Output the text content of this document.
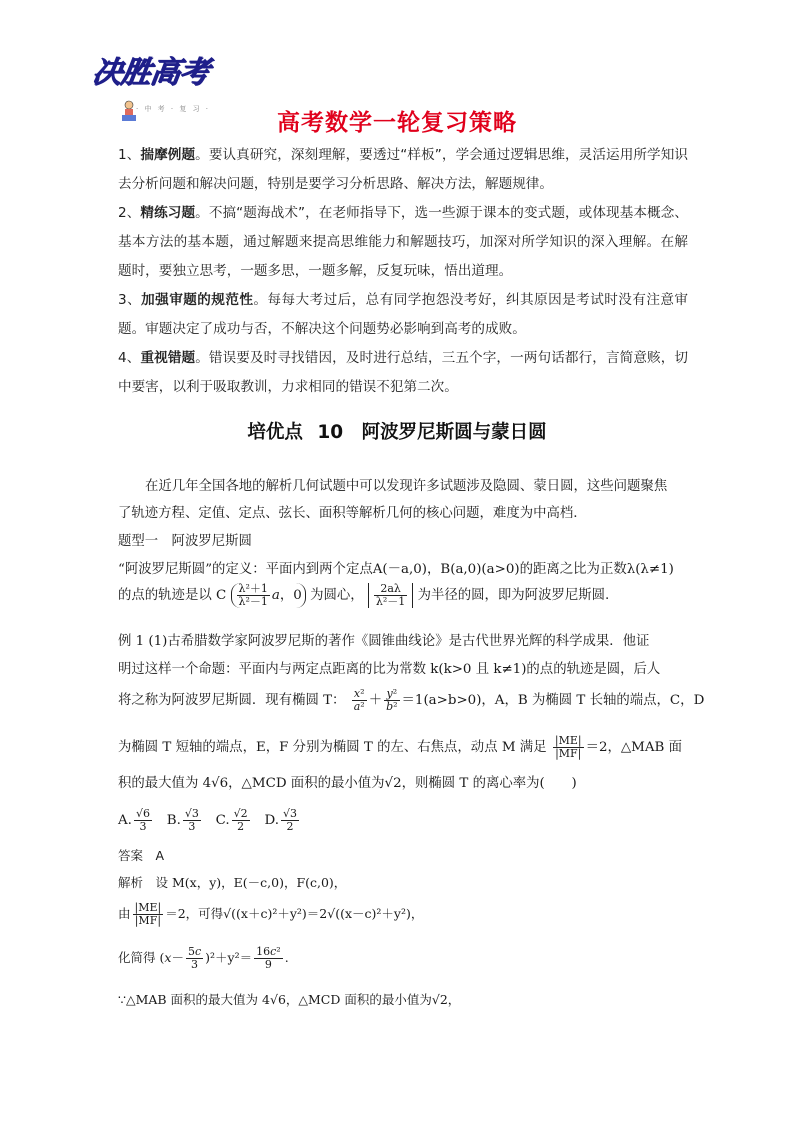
决胜高考
· 中 考 · 复 习 ·
高考数学一轮复习策略
1、揣摩例题。要认真研究，深刻理解，要透过“样板”，学会通过逻辑思维，灵活运用所学知识去分析问题和解决问题，特别是要学习分析思路、解决方法，解题规律。
2、精练习题。不搞“题海战术”，在老师指导下，选一些源于课本的变式题，或体现基本概念、基本方法的基本题，通过解题来提高思维能力和解题技巧，加深对所学知识的深入理解。在解题时，要独立思考，一题多思，一题多解，反复玩味，悟出道理。
3、加强审题的规范性。每每大考过后，总有同学抱怨没考好，纠其原因是考试时没有注意审题。审题决定了成功与否，不解决这个问题势必影响到高考的成败。
4、重视错题。错误要及时寻找错因，及时进行总结，三五个字，一两句话都行，言简意赅，切中要害，以利于吸取教训，力求相同的错误不犯第二次。
培优点 10　阿波罗尼斯圆与蒙日圆
在近几年全国各地的解析几何试题中可以发现许多试题涉及隐圆、蒙日圆，这些问题聚焦了轨迹方程、定值、定点、弦长、面积等解析几何的核心问题，难度为中高档.
题型一　阿波罗尼斯圆
“阿波罗尼斯圆”的定义：平面内到两个定点A(－a,0)，B(a,0)(a>0)的距离之比为正数λ(λ≠1)
的点的轨迹是以 C $\frac{\text{λ²＋1}}{\text{λ²－1}}$ a，0 为圆心， $\frac{2a\lambda}{\text{λ²－1}}$ 为半径的圆，即为阿波罗尼斯圆.
例 1 (1)古希腊数学家阿波罗尼斯的著作《圆锥曲线论》是古代世界光辉的科学成果．他证
明过这样一个命题：平面内与两定点距离的比为常数 k(k>0 且 k≠1)的点的轨迹是圆，后人
将之称为阿波罗尼斯圆．现有椭圆 T： $\frac{\text{x²}}{\text{a²}} + \frac{\text{y²}}{\text{b²}} =1(a>b>0)$，A，B 为椭圆 T 长轴的端点，C，D
为椭圆 T 短轴的端点，E，F 分别为椭圆 T 的左、右焦点，动点 M 满足 $\frac{|ME|}{|MF|} =2$，△MAB 面
积的最大值为 4√6，△MCD 面积的最小值为√2，则椭圆 T 的离心率为(　　)
A. $\frac{√6}{3} B$. $\frac{√3}{3} C$. $\frac{√2}{2} D$. $\frac{√3}{2}$
答案　A
解析　设 M(x，y)，E(－c,0)，F(c,0)，
由 $\frac{|ME|}{|MF|} =2$，可得√((x＋c)²＋y²)＝2√((x－c)²＋y²)，
化简得 $(x- \frac{5c}{3} )^2+y^2= \frac{\text{16c²}}{9}$ .
∵△MAB 面积的最大值为 4√6，△MCD 面积的最小值为√2，
